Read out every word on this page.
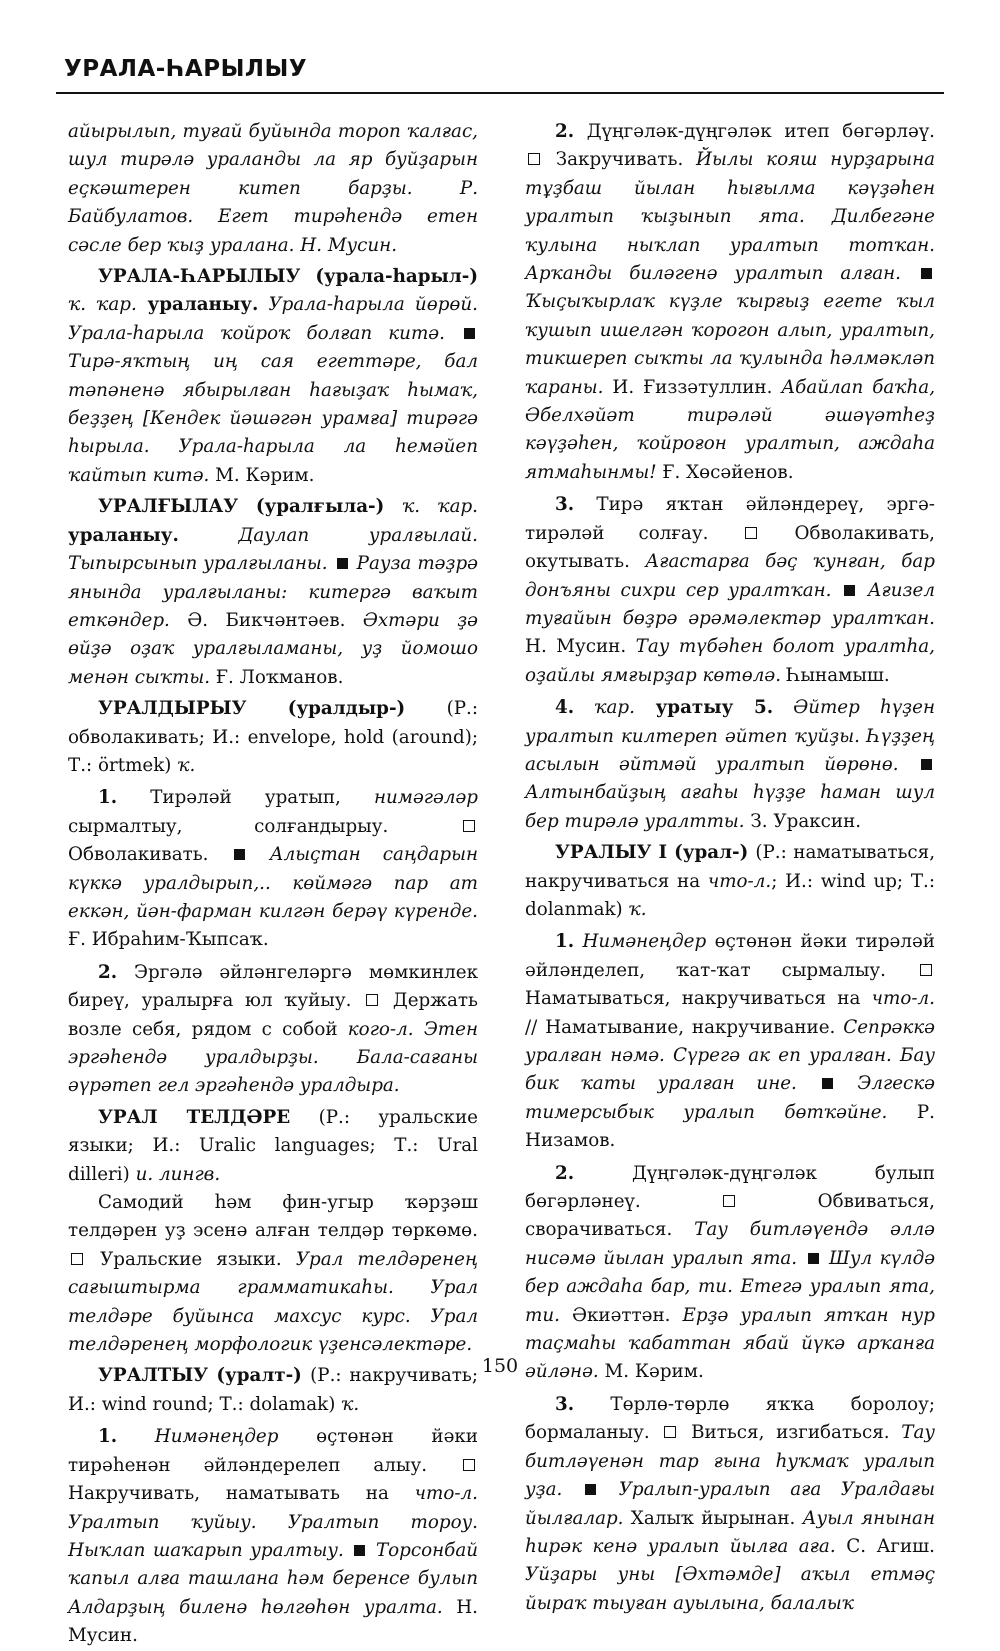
УРАЛА-ҺАРЫЛЫУ

айырылып, туғай буйында тороп ҡалғас, шул тирәлә ураланды ла яр буйҙарын еҫкәштерен китеп барҙы. Р. Байбулатов. Егет тирәһендә етен сәсле бер ҡыҙ уралана. Н. Мусин.

УРАЛА-ҺАРЫЛЫУ (урала-һарыл-) ҡ. ҡар. ураланыу. Урала-һарыла йөрөй. Урала-һарыла ҡойроҡ болғап китә.  Тирә-яҡтың иң сая егеттәре, бал тәпәненә ябырылған һағыҙаҡ һымаҡ, беҙҙең [Кендек йәшәгән урамға] тирәгә һырыла. Урала-һарыла ла һемәйеп ҡайтып китә. М. Кәрим.

УРАЛҒЫЛАУ (уралғыла-) ҡ. ҡар. ураланыу. Даулап уралғылай. Тыпырсынып уралғыланы.  Рауза тәҙрә янында уралғыланы: китергә ваҡыт еткәндер. Ә. Бикчәнтәев. Әхтәри ҙә өйҙә оҙаҡ уралғыламаны, уҙ йомошо менән сыҡты. Ғ. Лоҡманов.

УРАЛДЫРЫУ (уралдыр-) (Р.: обволакивать; И.: envelope, hold (around); Т.: örtmek) ҡ.

1. Тирәләй уратып, нимәгәләр сырмалтыу, солғандырыу.  Обволакивать.  Алыҫтан саңдарын күккә уралдырып,.. көймәгә пар ат еккән, йән-фарман килгән берәү күренде. Ғ. Ибраһим-Ҡыпсаҡ.

2. Эргәлә әйләнгеләргә мөмкинлек биреү, уралырға юл ҡуйыу.  Держать возле себя, рядом с собой кого-л. Этен эргәһендә уралдырҙы. Бала-сағаны әүрәтеп гел эргәһендә уралдыра.

УРАЛ ТЕЛДӘРЕ (Р.: уральские языки; И.: Uralic languages; Т.: Ural dilleri) и. лингв.

Самодий һәм фин-угыр ҡәрҙәш телдәрен уҙ эсенә алған телдәр төркөмө.  Уральские языки. Урал телдәренең сағыштырма грамматикаһы. Урал телдәре буйынса махсус курс. Урал телдәренең морфологик үҙенсәлектәре.

УРАЛТЫУ (уралт-) (Р.: накручивать; И.: wind round; Т.: dolamak) ҡ.

1. Нимәнеңдер өҫтөнән йәки тирәһенән әйләндерелеп алыу.  Накручивать, наматывать на что-л. Уралтып ҡуйыу. Уралтып тороу. Ныҡлап шаҡарып уралтыу.  Торсонбай ҡапыл алға ташлана һәм беренсе булып Алдарҙың биленә һөлгөһөн уралта. Н. Мусин.

2. Дүңгәләк-дүңгәләк итеп бөгәрләү.  Закручивать. Йылы кояш нурҙарына тұҙбаш йылан һығылма кәүҙәһен уралтып ҡыҙынып ята. Дилбегәне ҡулына ныҡлап уралтып тотҡан. Арҡанды биләгенә уралтып алған.  Ҡыҫыҡырлаҡ күҙле ҡырғыҙ егете ҡыл ҡушып ишелгән ҡорогон алып, уралтып, тикшереп сыҡты ла ҡулында һәлмәкләп ҡараны. И. Ғиззәтуллин. Абайлап баҡһа, Әбелхәйәт тирәләй әшәүәтһеҙ кәүҙәһен, ҡойроғон уралтып, аждаһа ятмаһынмы! Ғ. Хөсәйенов.

3. Тирә яҡтан әйләндереү, эргә-тирәләй солғау.	Обволакивать, окутывать. Ағастарға бәҫ ҡунған, бар донъяны сихри сер уралтҡан.  Ағизел туғайын бөҙрә әрәмәлектәр уралтҡан. Н. Мусин. Тау түбәһен болот уралтһа, оҙайлы ямғырҙар көтөлә. Һынамыш.

4. ҡар. уратыу 5. Әйтер һүҙен уралтып килтереп әйтеп ҡуйҙы. Һүҙҙең асылын әйтмәй уралтып йөрөнө.  Алтынбайҙың ағаһы һүҙҙе һаман шул бер тирәлә уралтты. З. Ураксин.

УРАЛЫУ I (урал-) (Р.: наматываться, накручиваться на что-л.; И.: wind up; Т.: dolanmak) ҡ.

1. Нимәнеңдер өҫтөнән йәки тирәләй әйләнделеп, ҡат-ҡат сырмалыу.  Наматываться, накручиваться на что-л. // Наматывание, накручивание. Сепрәккә уралған нәмә. Сүрегә ак еп уралған. Бау бик ҡаты уралған ине.  Элгескә тимерсыбык уралып бөтҡәйне. Р. Низамов.

2. Дүңгәләк-дүңгәләк булып бөгәрләнеү.	Обвиваться, сворачиваться. Тау битләүендә әллә нисәмә йылан уралып ята.  Шул күлдә бер аждаһа бар, ти. Етегә уралып ята, ти. Әкиәттән. Ерҙә уралып ятҡан нур таҫмаһы ҡабаттан ябай йүкә арҡанға әйләнә. М. Кәрим.

3. Төрлө-төрлө яҡҡа боролоу; бормаланыу.  Виться, изгибаться. Тау битләүенән тар ғына һуҡмаҡ уралып уҙа.  Уралып-уралып аға Уралдағы йылғалар. Халыҡ йырынан. Ауыл янынан һирәк кенә уралып йылға аға. С. Агиш. Уйҙары уны [Әхтәмде] аҡыл етмәҫ йыраҡ тыуған ауылына, балалыҡ

150
